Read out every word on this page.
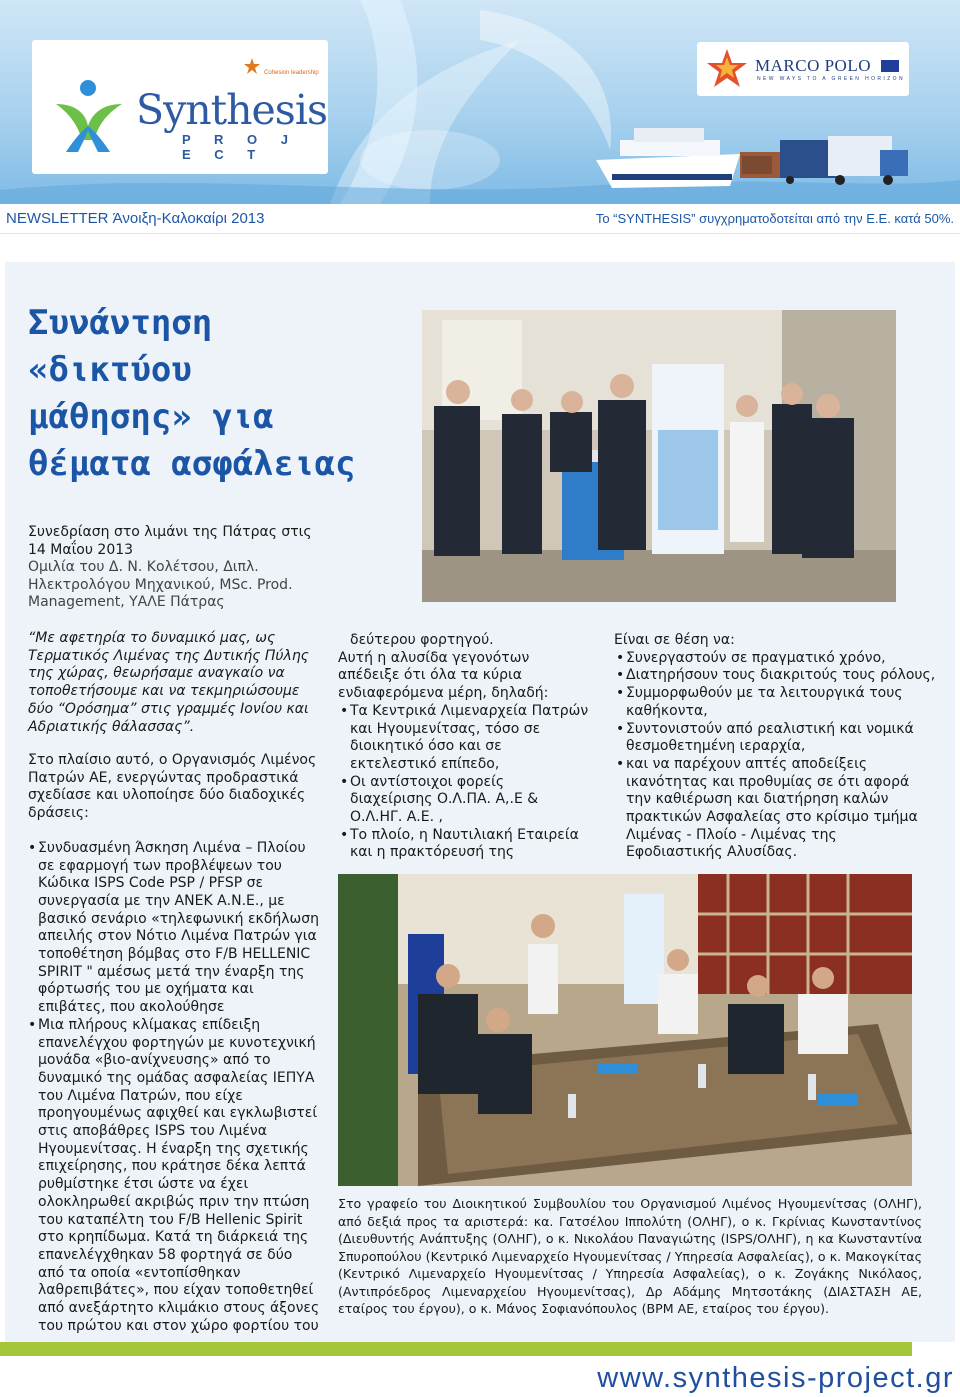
Synthesis
P R O J E C T
Cohesion leadership	MARCO POLO
NEW WAYS TO A GREEN HORIZON
NEWSLETTER Άνοιξη-Καλοκαίρι 2013	To “SYNTHESIS” συγχρηματοδοτείται από την Ε.Ε. κατά 50%.
Συνάντηση
«δικτύου
μάθησης» για
θέματα ασφάλειας
Συνεδρίαση στο λιμάνι της Πάτρας στις
14 Μαΐου 2013
Ομιλία του Δ. Ν. Κολέτσου, Διπλ.
Ηλεκτρολόγου Μηχανικού, MSc. Prod.
Management, ΥΑΛΕ Πάτρας

“Με αφετηρία το δυναμικό μας, ως Τερματικός Λιμένας της Δυτικής Πύλης της χώρας, θεωρήσαμε αναγκαίο να τοποθετήσουμε και να τεκμηριώσουμε δύο “Ορόσημα” στις γραμμές Ιονίου και Αδριατικής θάλασσας”.

Στο πλαίσιο αυτό, ο Οργανισμός Λιμένος Πατρών ΑΕ, ενεργώντας προδραστικά σχεδίασε και υλοποίησε δύο διαδοχικές δράσεις:

• Συνδυασμένη Άσκηση Λιμένα – Πλοίου σε εφαρμογή των προβλέψεων του Κώδικα ISPS Code PSP / PFSP σε συνεργασία με την ΑΝΕΚ Α.Ν.Ε., με βασικό σενάριο «τηλεφωνική εκδήλωση απειλής στον Νότιο Λιμένα Πατρών για τοποθέτηση βόμβας στο F/B HELLENIC SPIRIT " αμέσως μετά την έναρξη της φόρτωσής του με οχήματα και επιβάτες, που ακολούθησε
• Μια πλήρους κλίμακας επίδειξη επανελέγχου φορτηγών με κυνοτεχνική μονάδα «βιο-ανίχνευσης» από το δυναμικό της ομάδας ασφαλείας ΙΕΠΥΑ του Λιμένα Πατρών, που είχε προηγουμένως αφιχθεί και εγκλωβιστεί στις αποβάθρες ISPS του Λιμένα Ηγουμενίτσας. Η έναρξη της σχετικής επιχείρησης, που κράτησε δέκα λεπτά ρυθμίστηκε έτσι ώστε να έχει ολοκληρωθεί ακριβώς πριν την πτώση του καταπέλτη του F/B Hellenic Spirit στο κρηπίδωμα. Κατά τη διάρκειά της επανελέγχθηκαν 58 φορτηγά σε δύο από τα οποία «εντοπίσθηκαν λαθρεπιβάτες», που είχαν τοποθετηθεί από ανεξάρτητο κλιμάκιο στους άξονες του πρώτου και στον χώρο φορτίου του
δεύτερου φορτηγού.
Αυτή η αλυσίδα γεγονότων απέδειξε ότι όλα τα κύρια ενδιαφερόμενα μέρη, δηλαδή:
• Τα Κεντρικά Λιμεναρχεία Πατρών και Ηγουμενίτσας, τόσο σε διοικητικό όσο και σε εκτελεστικό επίπεδο,
• Οι αντίστοιχοι φορείς διαχείρισης Ο.Λ.ΠΑ. Α,.Ε & Ο.Λ.ΗΓ. Α.Ε. ,
• Το πλοίο, η Ναυτιλιακή Εταιρεία και η πρακτόρευσή της
Είναι σε θέση να:
• Συνεργαστούν σε πραγματικό χρόνο,
• Διατηρήσουν τους διακριτούς τους ρόλους,
• Συμμορφωθούν με τα λειτουργικά τους καθήκοντα,
• Συντονιστούν από ρεαλιστική και νομικά θεσμοθετημένη ιεραρχία,
• και να παρέχουν απτές αποδείξεις ικανότητας και προθυμίας σε ότι αφορά την καθιέρωση και διατήρηση καλών πρακτικών Ασφαλείας στο κρίσιμο τμήμα Λιμένας - Πλοίο - Λιμένας της Εφοδιαστικής Αλυσίδας.

Στο γραφείο του Διοικητικού Συμβουλίου του Οργανισμού Λιμένος Ηγουμενίτσας (ΟΛΗΓ), από δεξιά προς τα αριστερά: κα. Γατσέλου Ιππολύτη (ΟΛΗΓ), ο κ. Γκρίνιας Κωνσταντίνος (Διευθυντής Ανάπτυξης (ΟΛΗΓ), ο κ. Νικολάου Παναγιώτης (ISPS/ΟΛΗΓ), η κα Κωνσταντίνα Σπυροπούλου (Κεντρικό Λιμεναρχείο Ηγουμενίτσας / Υπηρεσία Ασφαλείας), ο κ. Μακογκίτας (Κεντρικό Λιμεναρχείο Ηγουμενίτσας / Υπηρεσία Ασφαλείας), ο κ. Ζογάκης Νικόλαος, (Αντιπρόεδρος Λιμεναρχείου Ηγουμενίτσας), Δρ Αδάμης Μητσοτάκης (ΔΙΑΣΤΑΣΗ ΑΕ, εταίρος του έργου), ο κ. Μάνος Σοφιανόπουλος (ΒΡΜ ΑΕ, εταίρος του έργου).

www.synthesis-project.gr
